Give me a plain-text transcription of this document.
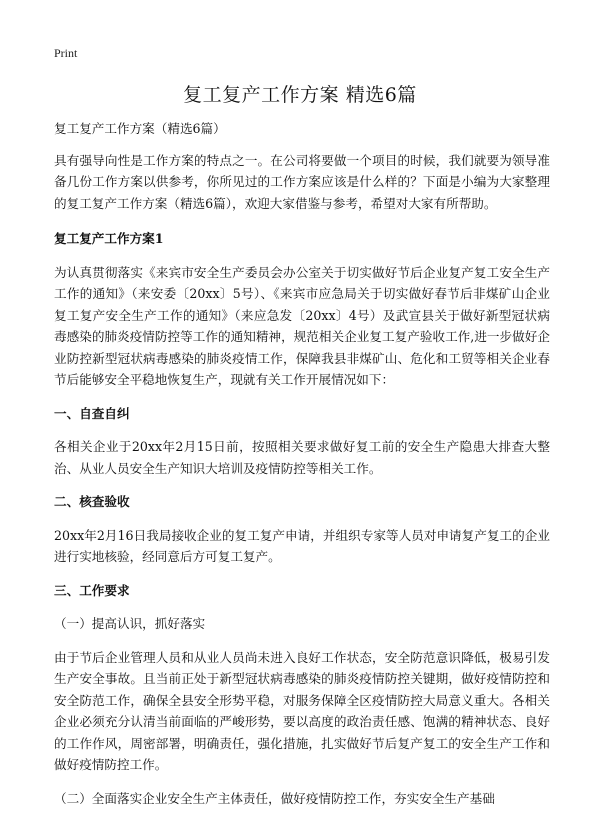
Print
复工复产工作方案 精选6篇

复工复产工作方案（精选6篇）

具有强导向性是工作方案的特点之一。在公司将要做一个项目的时候，我们就要为领导准备几份工作方案以供参考，你所见过的工作方案应该是什么样的？下面是小编为大家整理的复工复产工作方案（精选6篇），欢迎大家借鉴与参考，希望对大家有所帮助。

复工复产工作方案1

为认真贯彻落实《来宾市安全生产委员会办公室关于切实做好节后企业复产复工安全生产工作的通知》（来安委〔20xx〕5号）、《来宾市应急局关于切实做好春节后非煤矿山企业复工复产安全生产工作的通知》（来应急发〔20xx〕4号）及武宣县关于做好新型冠状病毒感染的肺炎疫情防控等工作的通知精神，规范相关企业复工复产验收工作,进一步做好企业防控新型冠状病毒感染的肺炎疫情工作，保障我县非煤矿山、危化和工贸等相关企业春节后能够安全平稳地恢复生产，现就有关工作开展情况如下：

一、自查自纠

各相关企业于20xx年2月15日前，按照相关要求做好复工前的安全生产隐患大排查大整治、从业人员安全生产知识大培训及疫情防控等相关工作。

二、核查验收

20xx年2月16日我局接收企业的复工复产申请，并组织专家等人员对申请复产复工的企业进行实地核验，经同意后方可复工复产。

三、工作要求

（一）提高认识，抓好落实

由于节后企业管理人员和从业人员尚未进入良好工作状态，安全防范意识降低，极易引发生产安全事故。且当前正处于新型冠状病毒感染的肺炎疫情防控关键期，做好疫情防控和安全防范工作，确保全县安全形势平稳，对服务保障全区疫情防控大局意义重大。各相关企业必须充分认清当前面临的严峻形势，要以高度的政治责任感、饱满的精神状态、良好的工作作风，周密部署，明确责任，强化措施，扎实做好节后复产复工的安全生产工作和做好疫情防控工作。

（二）全面落实企业安全生产主体责任，做好疫情防控工作，夯实安全生产基础
